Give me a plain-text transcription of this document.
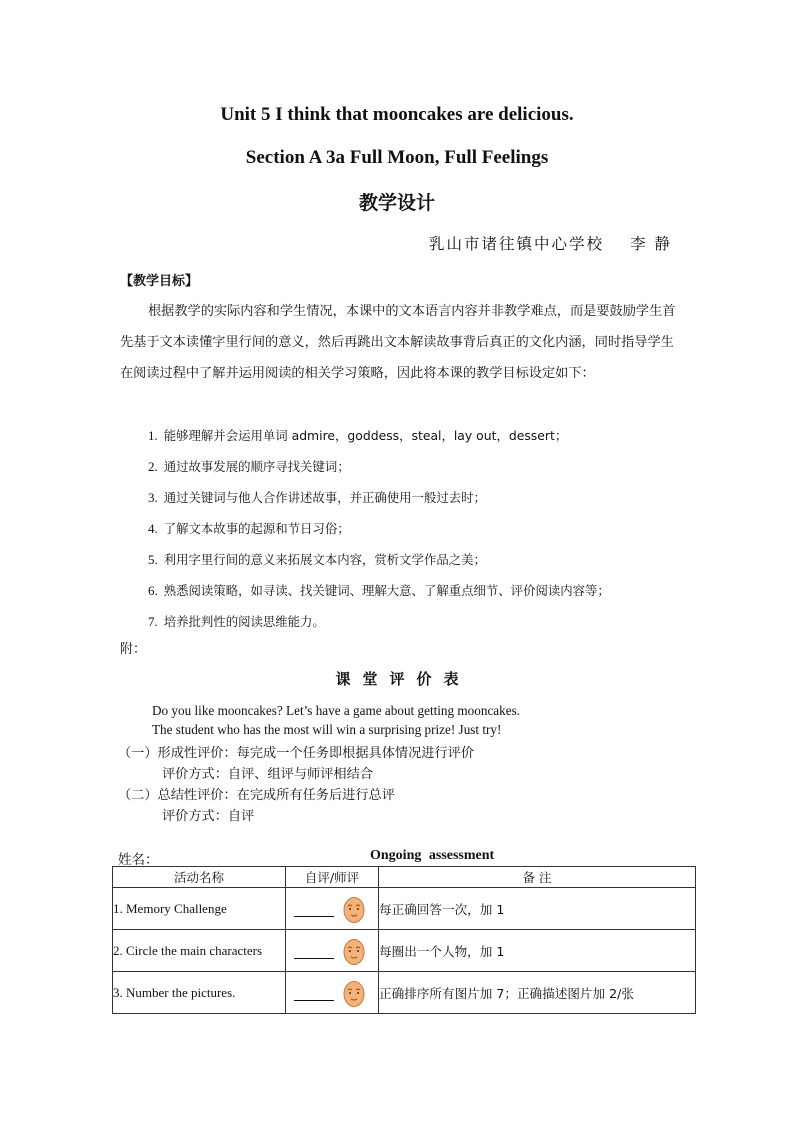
Unit 5 I think that mooncakes are delicious.
Section A 3a Full Moon, Full Feelings
教学设计
乳山市诸往镇中心学校 李 静
【教学目标】
根据教学的实际内容和学生情况，本课中的文本语言内容并非教学难点，而是要鼓励学生首先基于文本读懂字里行间的意义，然后再跳出文本解读故事背后真正的文化内涵，同时指导学生在阅读过程中了解并运用阅读的相关学习策略，因此将本课的教学目标设定如下：
1. 能够理解并会运用单词 admire，goddess，steal，lay out，dessert；
2. 通过故事发展的顺序寻找关键词；
3. 通过关键词与他人合作讲述故事，并正确使用一般过去时；
4. 了解文本故事的起源和节日习俗；
5. 利用字里行间的意义来拓展文本内容，赏析文学作品之美；
6. 熟悉阅读策略，如寻读、找关键词、理解大意、了解重点细节、评价阅读内容等；
7. 培养批判性的阅读思维能力。
附：
课堂评价表
Do you like mooncakes? Let’s have a game about getting mooncakes.
The student who has the most will win a surprising prize! Just try!
（一）形成性评价：每完成一个任务即根据具体情况进行评价
评价方式：自评、组评与师评相结合
（二）总结性评价：在完成所有任务后进行总评
评价方式：自评
姓名：	Ongoing assessment
活动名称	自评/师评	备 注
1. Memory Challenge		每正确回答一次，加 1
2. Circle the main characters		每圈出一个人物，加 1
3. Number the pictures.		正确排序所有图片加 7；正确描述图片加 2/张
